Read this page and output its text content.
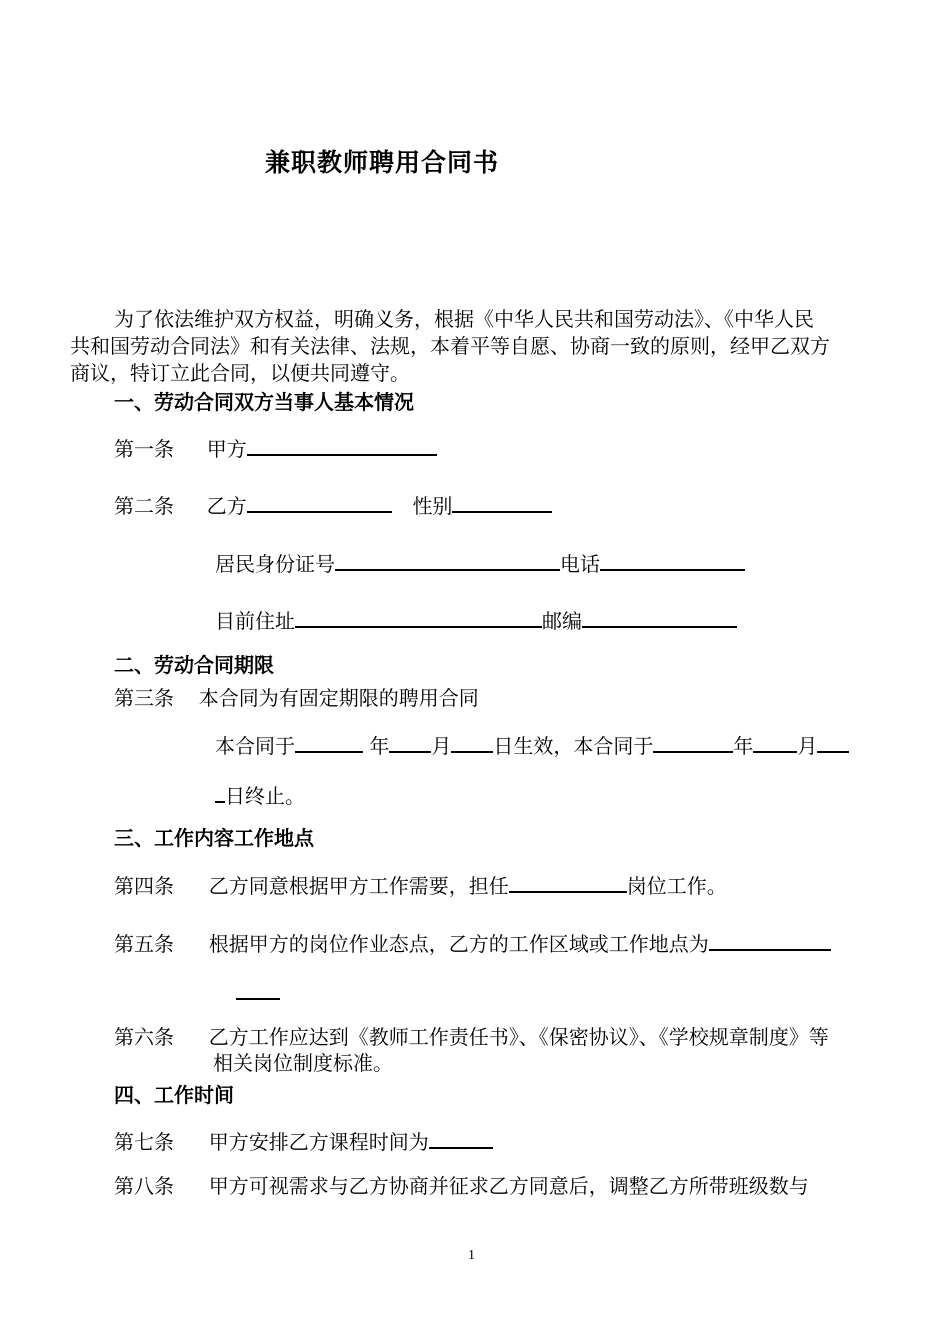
兼职教师聘用合同书
为了依法维护双方权益，明确义务，根据《中华人民共和国劳动法》、《中华人民
共和国劳动合同法》和有关法律、法规，本着平等自愿、协商一致的原则，经甲乙双方
商议，特订立此合同，以便共同遵守。
一、劳动合同双方当事人基本情况
第一条 甲方
第二条 乙方	性别
居民身份证号	电话
目前住址	邮编
二、劳动合同期限
第三条 本合同为有固定期限的聘用合同
本合同于	年 月 日生效，本合同于	年 月
日终止。
三、工作内容工作地点
第四条 乙方同意根据甲方工作需要，担任	岗位工作。
第五条 根据甲方的岗位作业态点，乙方的工作区域或工作地点为
第六条 乙方工作应达到《教师工作责任书》、《保密协议》、《学校规章制度》等
相关岗位制度标准。
四、工作时间
第七条 甲方安排乙方课程时间为
第八条 甲方可视需求与乙方协商并征求乙方同意后，调整乙方所带班级数与
1
